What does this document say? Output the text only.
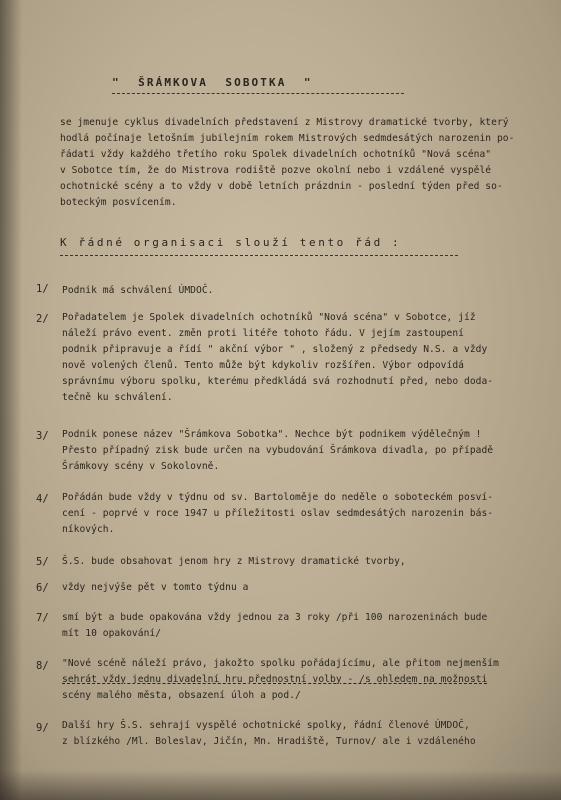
"  ŠRÁMKOVA  SOBOTKA  "
se jmenuje cyklus divadelních představení z Mistrovy dramatické tvorby, který
hodlá počínaje letošním jubilejním rokem Mistrových sedmdesátých narozenin po-
řádati vždy každého třetího roku Spolek divadelních ochotníků "Nová scéna"
v Sobotce tím, že do Mistrova rodiště pozve okolní nebo i vzdálené vyspělé
ochotnické scény a to vždy v době letních prázdnin - poslední týden před so-
boteckým posvícením.
K řádné organisaci slouží tento řád :
1/ Podnik má schválení ÚMDOČ.
2/ Pořadatelem je Spolek divadelních ochotníků "Nová scéna" v Sobotce, jíž
náleží právo event. změn proti litéře tohoto řádu. V jejím zastoupení
podnik připravuje a řídí " akční výbor " , složený z předsedy N.S. a vždy
nově volených členů. Tento může být kdykoliv rozšířen. Výbor odpovídá
správnímu výboru spolku, kterému předkládá svá rozhodnutí před, nebo doda-
tečně ku schválení.
3/ Podnik ponese název "Šrámkova Sobotka". Nechce být podnikem výdělečným !
Přesto případný zisk bude určen na vybudování Šrámkova divadla, po případě
Šrámkovy scény v Sokolovně.
4/ Pořádán bude vždy v týdnu od sv. Bartoloměje do neděle o soboteckém posví-
cení - poprvé v roce 1947 u příležitosti oslav sedmdesátých narozenin bás-
níkových.
5/ Š.S. bude obsahovat jenom hry z Mistrovy dramatické tvorby,
6/ vždy nejvýše pět v tomto týdnu a
7/ smí být a bude opakována vždy jednou za 3 roky /při 100 narozeninách bude
mít 10 opakování/
8/ "Nové scéně náleží právo, jakožto spolku pořádajícímu, ale přitom nejmenším
sehrát vždy jednu divadelní hru přednostní volby - /s ohledem na možnosti
scény malého města, obsazení úloh a pod./
9/ Další hry Š.S. sehrají vyspělé ochotnické spolky, řádní členové ÚMDOČ,
z blízkého /Ml. Boleslav, Jičín, Mn. Hradiště, Turnov/ ale i vzdáleného
